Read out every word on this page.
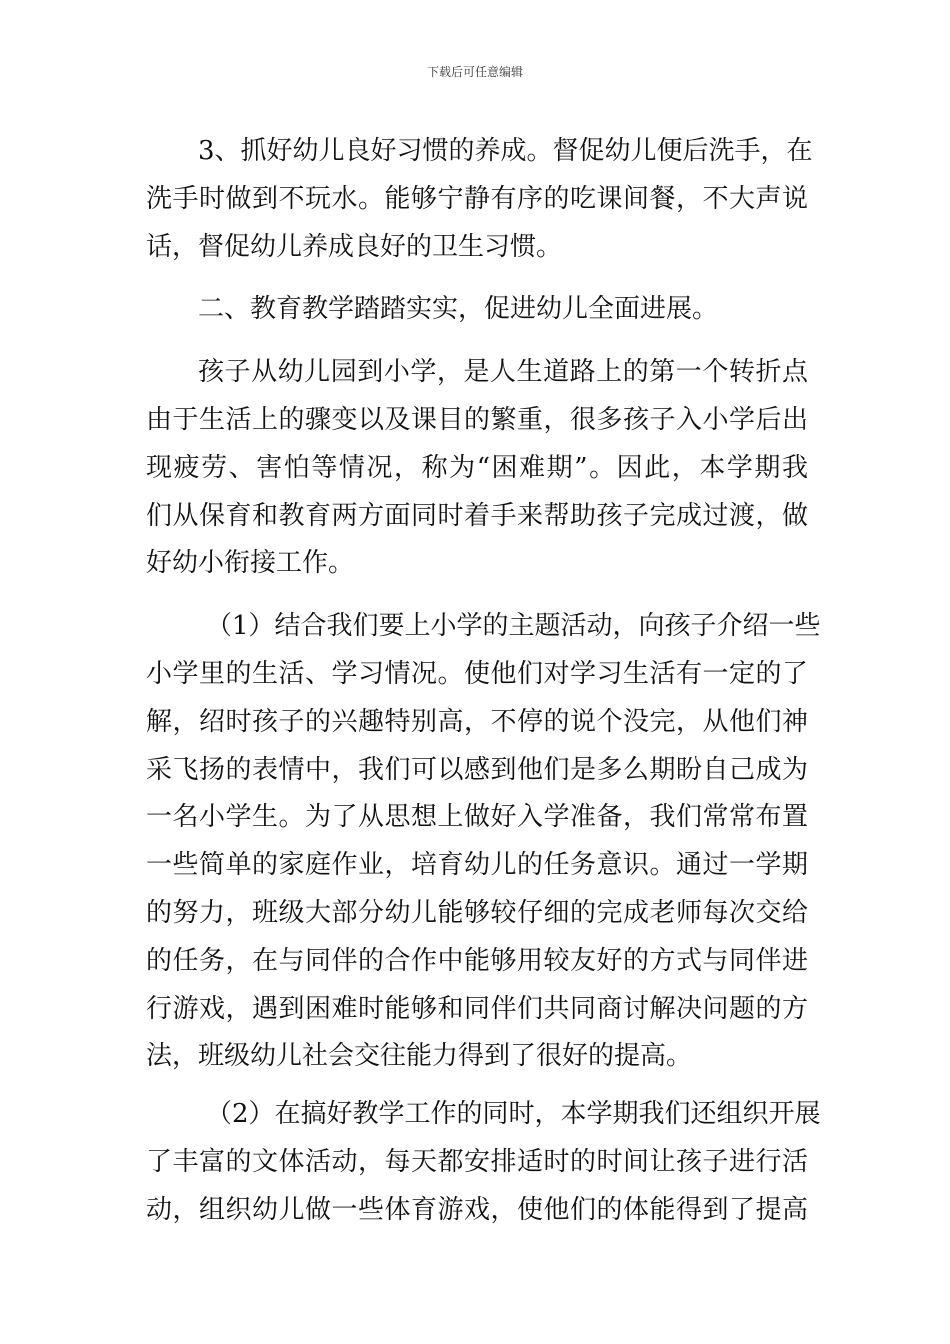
下载后可任意编辑
3、抓好幼儿良好习惯的养成。督促幼儿便后洗手，在
洗手时做到不玩水。能够宁静有序的吃课间餐，不大声说
话，督促幼儿养成良好的卫生习惯。
二、教育教学踏踏实实，促进幼儿全面进展。
孩子从幼儿园到小学，是人生道路上的第一个转折点
由于生活上的骤变以及课目的繁重，很多孩子入小学后出
现疲劳、害怕等情况，称为“困难期”。因此，本学期我
们从保育和教育两方面同时着手来帮助孩子完成过渡，做
好幼小衔接工作。
（1）结合我们要上小学的主题活动，向孩子介绍一些
小学里的生活、学习情况。使他们对学习生活有一定的了
解，绍时孩子的兴趣特别高，不停的说个没完，从他们神
采飞扬的表情中，我们可以感到他们是多么期盼自己成为
一名小学生。为了从思想上做好入学准备，我们常常布置
一些简单的家庭作业，培育幼儿的任务意识。通过一学期
的努力，班级大部分幼儿能够较仔细的完成老师每次交给
的任务，在与同伴的合作中能够用较友好的方式与同伴进
行游戏，遇到困难时能够和同伴们共同商讨解决问题的方
法，班级幼儿社会交往能力得到了很好的提高。
（2）在搞好教学工作的同时，本学期我们还组织开展
了丰富的文体活动，每天都安排适时的时间让孩子进行活
动，组织幼儿做一些体育游戏，使他们的体能得到了提高
